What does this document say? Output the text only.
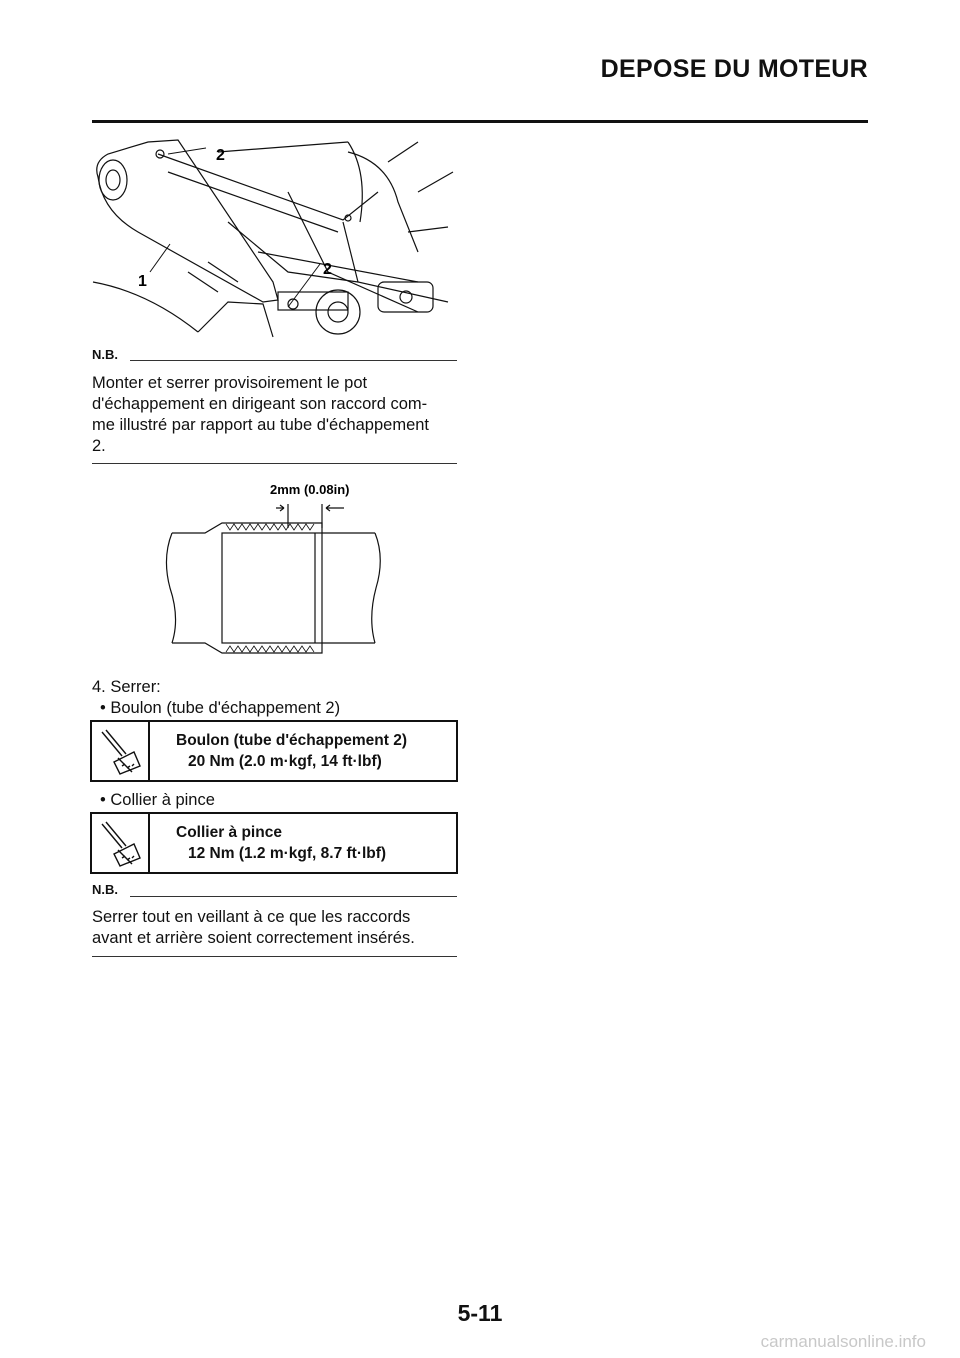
DEPOSE DU MOTEUR
2
1
2
N.B.
Monter et serrer provisoirement le pot
d'échappement en dirigeant son raccord com-
me illustré par rapport au tube d'échappement
2.
2mm (0.08in)
4. Serrer:
• Boulon (tube d'échappement 2)
Boulon (tube d'échappement 2)
20 Nm (2.0 m·kgf, 14 ft·lbf)
• Collier à pince
Collier à pince
12 Nm (1.2 m·kgf, 8.7 ft·lbf)
N.B.
Serrer tout en veillant à ce que les raccords
avant et arrière soient correctement insérés.
5-11
carmanualsonline.info
